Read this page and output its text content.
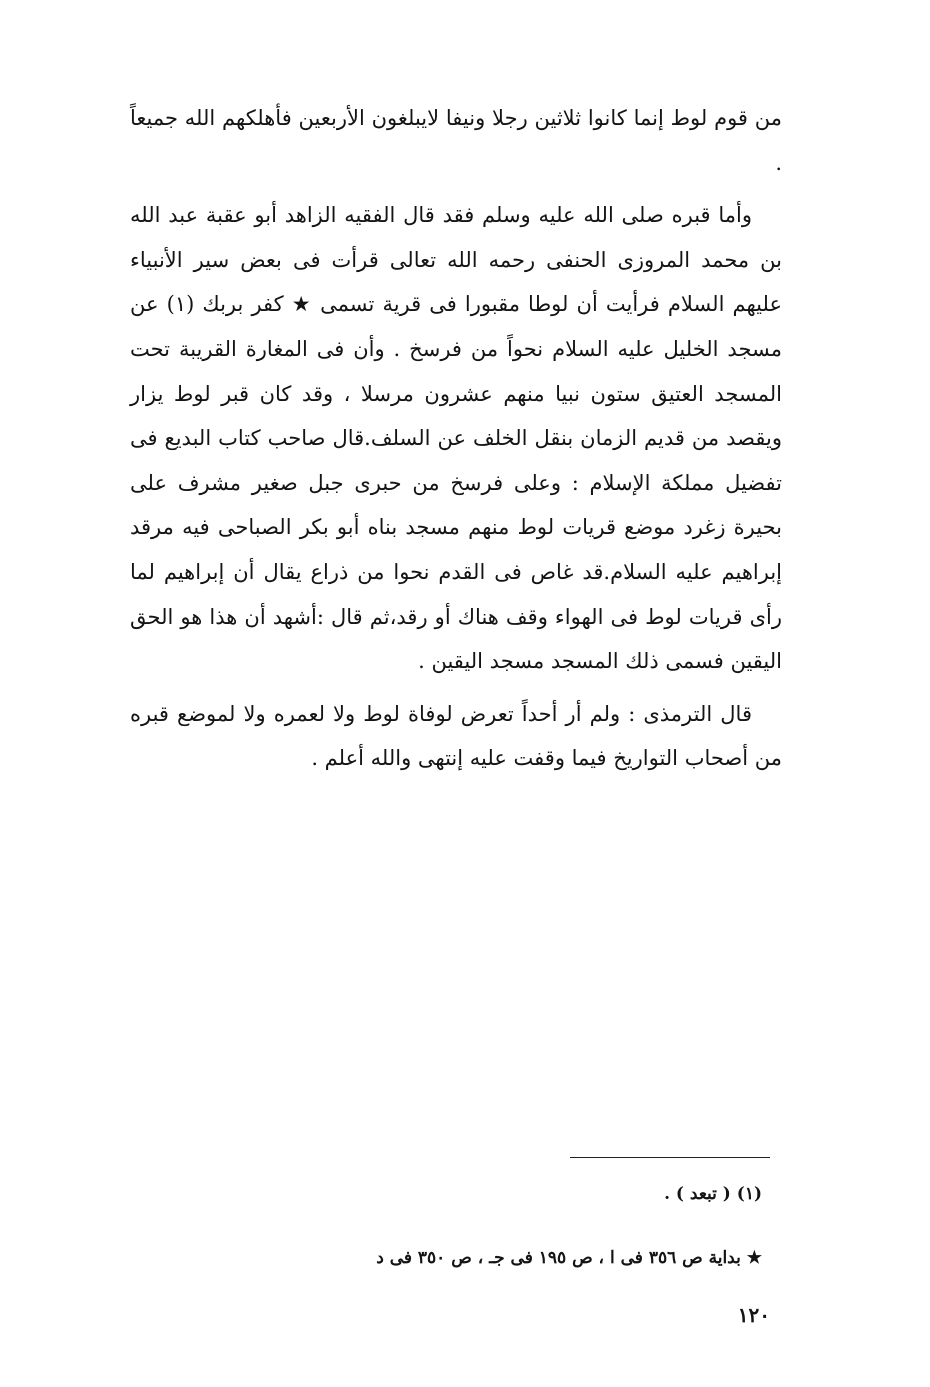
من قوم لوط إنما كانوا ثلاثين رجلا ونيفا لايبلغون الأربعين فأهلكهم الله جميعاً .

وأما قبره صلى الله عليه وسلم فقد قال الفقيه الزاهد أبو عقبة عبد الله بن محمد المروزى الحنفى رحمه الله تعالى قرأت فى بعض سير الأنبياء عليهم السلام فرأيت أن لوطا مقبورا فى قرية تسمى ★ كفر بربك (١) عن مسجد الخليل عليه السلام نحواً من فرسخ . وأن فى المغارة القريبة تحت المسجد العتيق ستون نبيا منهم عشرون مرسلا ، وقد كان قبر لوط يزار ويقصد من قديم الزمان بنقل الخلف عن السلف.قال صاحب كتاب البديع فى تفضيل مملكة الإسلام : وعلى فرسخ من حبرى جبل صغير مشرف على بحيرة زغرد موضع قريات لوط منهم مسجد بناه أبو بكر الصباحى فيه مرقد إبراهيم عليه السلام.قد غاص فى القدم نحوا من ذراع يقال أن إبراهيم لما رأى قريات لوط فى الهواء وقف هناك أو رقد،ثم قال :أشهد أن هذا هو الحق اليقين فسمى ذلك المسجد مسجد اليقين .

قال الترمذى : ولم أر أحداً تعرض لوفاة لوط ولا لعمره ولا لموضع قبره من أصحاب التواريخ فيما وقفت عليه إنتهى والله أعلم .

(١) ( تبعد ) .
★ بداية ص ٣٥٦ فى ا ، ص ١٩٥ فى جـ ، ص ٣٥٠ فى د
١٢٠
